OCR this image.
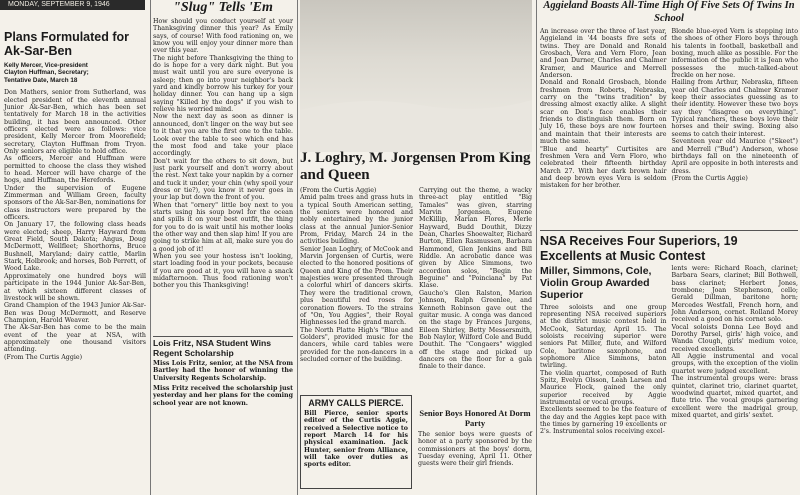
MONDAY, SEPTEMBER 9, 1946
Plans Formulated for Ak-Sar-Ben

Kelly Mercer, Vice-president
Clayton Huffman, Secretary;
Tentative Date, March 18

Don Mathers, senior from Sutherland, was elected president of the eleventh annual Junior Ak-Sar-Ben, which has been set tentatively for March 18 in the activities building, it has been announced. Other officers elected were as follows: vice president, Kelly Mercer from Moorefield; secretary, Clayton Huffman from Tryon. Only seniors are eligible to hold office.
As officers, Mercer and Huffman were permitted to choose the class they wished to head. Mercer will have charge of the hogs, and Huffman, the Herefords.
Under the supervision of Eugene Zimmerman and William Green, faculty sponsors of the Ak-Sar-Ben, nominations for class instructors were prepared by the officers.
On January 17, the following class heads were elected; sheep, Harry Hayward from Great Field, South Dakota; Angus, Doug McDermott, Wellfleet; Shorthorns, Bruce Bushnell, Maryland; dairy cattle, Marlin Stark, Holbrook; and horses, Bob Perrett, of Wood Lake.
Approximately one hundred boys will participate in the 1944 Junior Ak-Sar-Ben, at which sixteen different classes of livestock will be shown.
Grand Champion of the 1943 Junior Ak-Sar-Ben was Doug McDermott, and Reserve Champion, Harold Weaver.
The Ak-Sar-Ben has come to be the main event of the year at NSA, with approximately one thousand visitors attending.
(From The Curtis Aggie)

"Slug" Tells 'Em

How should you conduct yourself at your Thanksgiving dinner this year? As Emily says, of course! With food rationing on, we know you will enjoy your dinner more than ever this year.
The night before Thanksgiving the thing to do is hope for a very dark night. But you must wait until you are sure everyone is asleep; then go into your neighbor's back yard and kindly borrow his turkey for your holiday dinner. You can hang up a sign saying "Killed by the dogs" if you wish to relieve his worried mind.
Now the next day as soon as dinner is announced, don't linger on the way but see to it that you are the first one to the table. Look over the table to see which end has the most food and take your place accordingly.
Don't wait for the others to sit down, but just park yourself and don't worry about the rest. Next take your napkin by a corner and tuck it under, your chin (why spoil your dress or tie?), you know it never goes in your lap but down the front of you.
When that "ornery" little boy next to you starts using his soup bowl for the ocean and spills it on your best outfit, the thing for you to do is wait until his mother looks the other way and then slap him! If you are going to strike him at all, make sure you do a good job of it!
When you see your hostess isn't looking, start loading food in your pockets, because if you are good at it, you will have a snack midafternoon. Thus food rationing won't bother you this Thanksgiving!

Lois Fritz, NSA Student Wins Regent Scholarship

Miss Lois Fritz, senior, at the NSA from Bartley had the honor of winning the University Regents Scholarship.

Miss Fritz received the scholarship just yesterday and her plans for the coming school year are not known.

J. Loghry, M. Jorgensen Prom King and Queen

(From the Curtis Aggie)
Amid palm trees and grass huts in a typical South American setting, the seniors were honored and nobly entertained by the junior class at the annual Junior-Senior Prom, Friday, March 24 in the activities building.
Senior Jean Loghry, of McCook and Marvin Jorgensen of Curtis, were elected to the honored positions of Queen and King of the Prom. Their majesties were presented through a colorful whirl of dancers skirts. They were the traditional crown, plus beautiful red roses for coronation flowers. To the strains of "On, You Aggies", their Royal Highnesses led the grand march.
The North Platte High's "Blue and Golders", provided music for the dancers, while card tables were provided for the non-dancers in a secluded corner of the building.

Carrying out the theme, a wacky three-act play entitled "Big Tamales" was given, starring Marvin Jorgensen, Eugene McKillip, Marian Flores, Merle Hayward, Budd Douthit, Dizzy Dean, Charles Shoewalter, Richard Burton, Ellen Rasmussen, Barbara Hammond, Glen Jenkins and Bill Riddle. An acrobatic dance was given by Alice Simmons, two accordion solos, "Begin the Beguine" and "Poinciana" by Pat Klase.
Gaucho's Glen Ralston, Marion Johnson, Ralph Greenlee, and Kenneth Robinson gave out the guitar music. A conga was danced on the stage by Frances Jurgens, Eileen Shirley, Betty Messersmith, Bob Naylor, Wilford Cole and Budd Douthit. The "Congaers" wiggled off the stage and picked up dancers on the floor for a gala finale to their dance.

ARMY CALLS PIERCE.

Bill Pierce, senior sports editor of the Curtis Aggie, received a Selective notice to report March 14 for his physical examination. Jack Hunter, senior from Alliance, will take over duties as sports editor.

Senior Boys Honored At Dorm Party

The senior boys were guests of honor at a party sponsored by the commissioners at the boys' dorm, Tuesday evening, April 11. Other guests were their girl friends.

Aggieland Boasts All-Time High Of Five Sets Of Twins In School

An increase over the three of last year, Aggieland in '44 boasts five sets of twins. They are Donald and Ronald Grosbach, Vera and Vern Floro, Jean and Joan Durner, Charles and Chalmer Kramer, and Maurice and Merrell Anderson.
Donald and Ronald Grosbach, blonde freshmen from Roberts, Nebraska, carry on the "twins tradition" by dressing almost exactly alike. A slight scar on Don's face enables their friends to distinguish them. Born on July 16, these boys are now fourteen and maintain that their interests are much the same.
"Blue and hearty" Curtisites are freshmen Vera and Vern Floro, who celebrated their fifteenth birthday March 27. With her dark brown hair and deep brown eyes Vera is seldom mistaken for her brother.

Blonde blue-eyed Vern is stepping into the shoes of other Floro boys through his talents in football, basketball and boxing, much alike as possible. For the information of the public it is Jean who possesses the much-talked-about freckle on her nose.
Hailing from Arthur, Nebraska, fifteen year old Charles and Chalmer Kramer keep their associates guessing as to their identity. However these two boys say they "disagree on everything". Typical ranchers, these boys love their horses and their swing. Boxing also seems to catch their interest.
Seventeen year old Maurice ("Skeet") and Merrell ("Bud") Anderson, whose birthdays fall on the nineteenth of April are opposite in both interests and dress.
(From the Curtis Aggie)

NSA Receives Four Superiors, 19 Excellents at Music Contest
Miller, Simmons, Cole, Violin Group Awarded Superior

Three soloists and one group representing NSA received superiors at the district music contest held in McCook, Saturday, April 15. The soloists receiving superior were seniors Pat Miller, flute, and Wilford Cole, baritone saxophone, and sophomore Alice Simmons, baton twirling.
The violin quartet, composed of Ruth Spitz, Evelyn Olsson, Leah Larsen and Maurice Flock, gained the only superior received by Aggie instrumental or vocal groups.
Excellents seemed to be the feature of the day and the Aggies kept pace with the times by garnering 19 excellents or 2's. Instrumental solos receiving excel-

lents were: Richard Roach, clarinet; Barbara Sears, clarinet; Bill Bothwell, bass clarinet; Herbert Jones, trombone; Joan Stephenson, cello; Gerald Dillman, baritone horn; Mercedes Westfall, French horn, and John Anderson, cornet. Rolland Morey received a good on his cornet solo.
Vocal soloists Donna Lee Boyd and Dorothy Parsel, girls' high voice, and Wanda Clough, girls' medium voice, received excellents.
All Aggie instrumental and vocal groups, with the exception of the violin quartet were judged excellent.
The instrumental groups were: brass quintet, clarinet trio, clarinet quartet, woodwind quartet, mixed quartet, and flute trio. The vocal groups garnering excellent were the madrigal group, mixed quartet, and girls' sextet.
